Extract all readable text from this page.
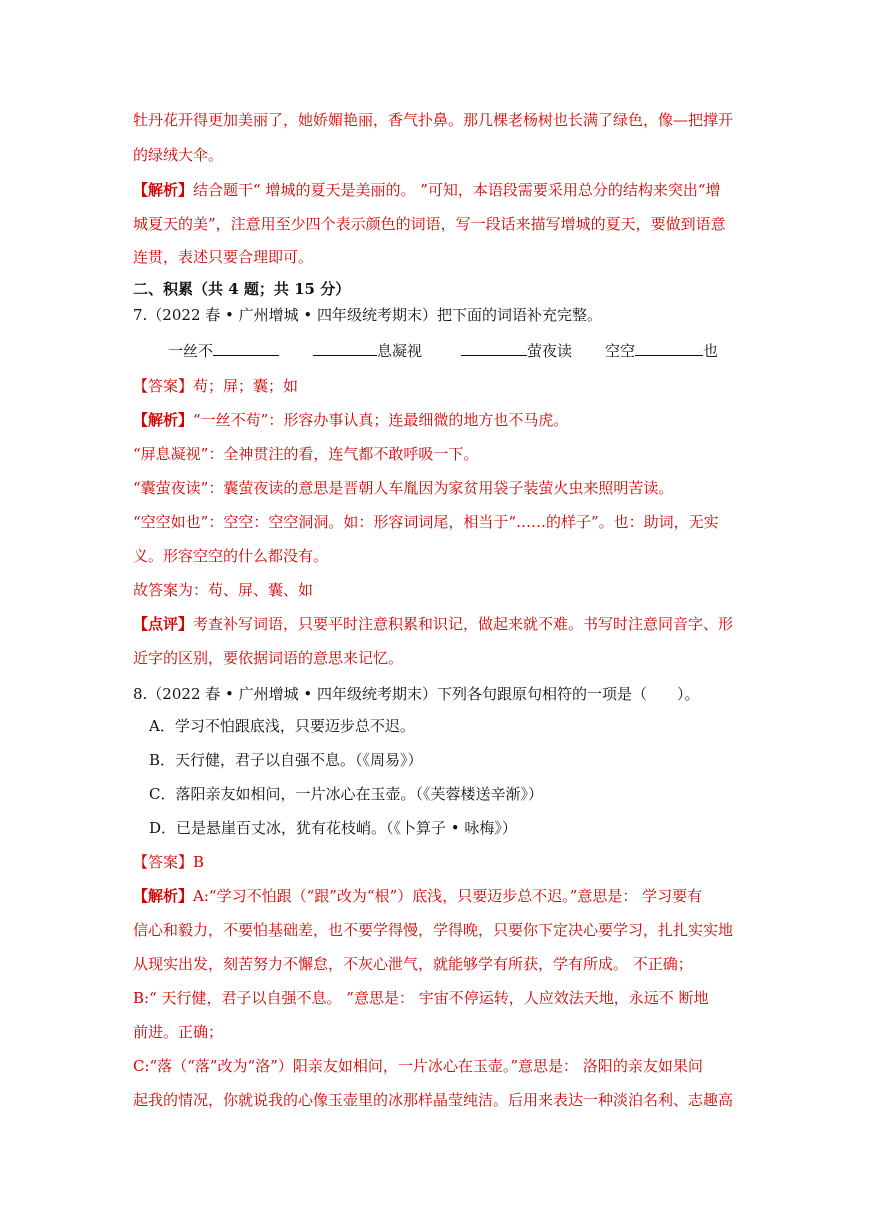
牡丹花开得更加美丽了，她娇媚艳丽，香气扑鼻。那几棵老杨树也长满了绿色，像—把撑开
的绿绒大伞。
【解析】结合题干“ 增城的夏天是美丽的。 ”可知，本语段需要采用总分的结构来突出“增
城夏天的美”，注意用至少四个表示颜色的词语，写一段话来描写增城的夏天，要做到语意
连贯，表述只要合理即可。
二、积累（共 4 题；共 15 分）
7.（2022 春 • 广州增城 • 四年级统考期末）把下面的词语补充完整。
一丝不	息凝视	萤夜读 空空	也
【答案】苟；屏；囊；如
【解析】“一丝不苟”：形容办事认真；连最细微的地方也不马虎。
“屏息凝视”：全神贯注的看，连气都不敢呼吸一下。
“囊萤夜读”：囊萤夜读的意思是晋朝人车胤因为家贫用袋子装萤火虫来照明苦读。
“空空如也”：空空：空空洞洞。如：形容词词尾，相当于“……的样子”。也：助词，无实
义。形容空空的什么都没有。
故答案为：苟、屏、囊、如
【点评】考查补写词语，只要平时注意积累和识记，做起来就不难。书写时注意同音字、形
近字的区别，要依据词语的意思来记忆。
8.（2022 春 • 广州增城 • 四年级统考期末）下列各句跟原句相符的一项是（　　）。
A．学习不怕跟底浅，只要迈步总不迟。
B．天行健，君子以自强不息。（《周易》）
C．落阳亲友如相问，一片冰心在玉壶。（《芙蓉楼送辛渐》）
D．已是悬崖百丈冰，犹有花枝峭。（《卜算子 • 咏梅》）
【答案】B
【解析】A:“学习不怕跟（“跟”改为“根”）底浅，只要迈步总不迟。”意思是： 学习要有
信心和毅力，不要怕基础差，也不要学得慢，学得晚，只要你下定决心要学习，扎扎实实地
从现实出发，刻苦努力不懈怠，不灰心泄气，就能够学有所获，学有所成。 不正确；
B:“ 天行健，君子以自强不息。 ”意思是： 宇宙不停运转，人应效法天地，永远不 断地
前进。正确；
C:“落（“落”改为“洛”）阳亲友如相问，一片冰心在玉壶。”意思是： 洛阳的亲友如果问
起我的情况，你就说我的心像玉壶里的冰那样晶莹纯洁。后用来表达一种淡泊名利、志趣高
